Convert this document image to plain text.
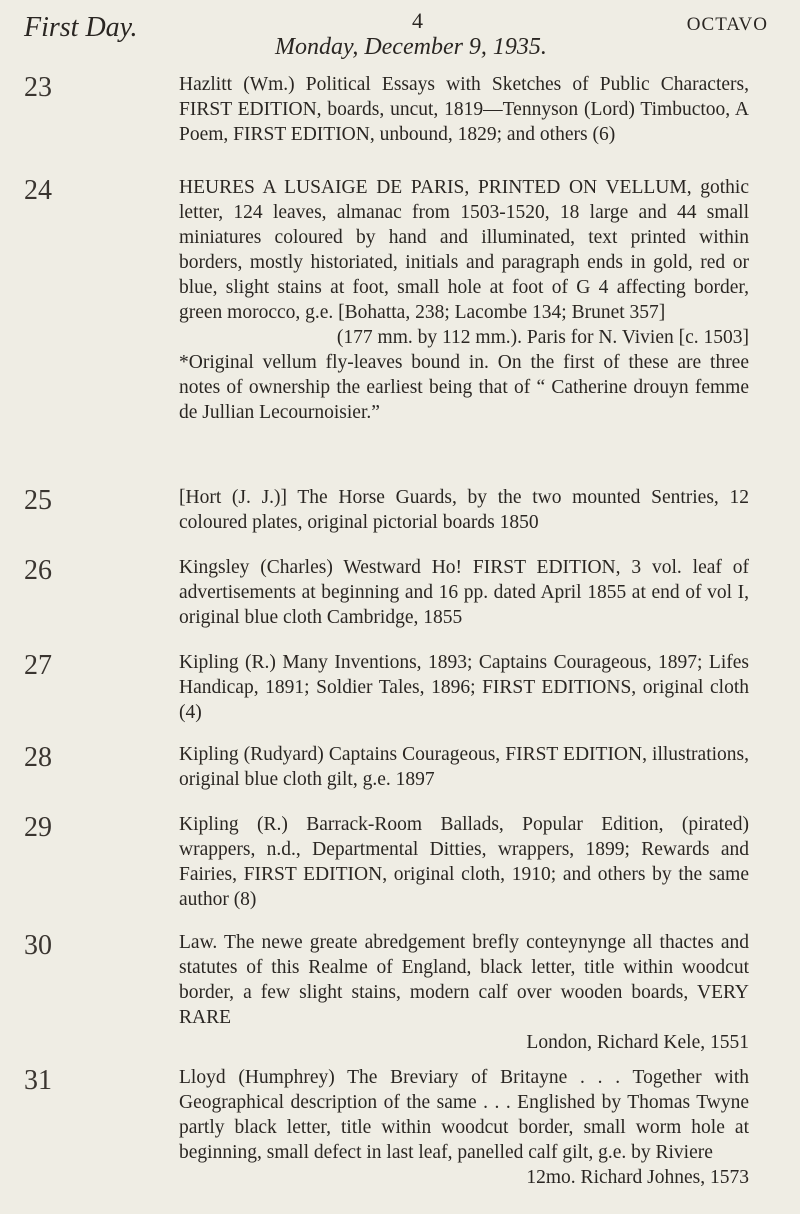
First Day.	4	OCTAVO
Monday, December 9, 1935.
23	Hazlitt (Wm.) Political Essays with Sketches of Public Characters, FIRST EDITION, boards, uncut, 1819—Tennyson (Lord) Timbuctoo, A Poem, FIRST EDITION, unbound, 1829; and others (6)

24	HEURES A LUSAIGE DE PARIS, PRINTED ON VELLUM, gothic letter, 124 leaves, almanac from 1503-1520, 18 large and 44 small miniatures coloured by hand and illuminated, text printed within borders, mostly historiated, initials and paragraph ends in gold, red or blue, slight stains at foot, small hole at foot of G 4 affecting border, green morocco, g.e. [Bohatta, 238; Lacombe 134; Brunet 357]

(177 mm. by 112 mm.). Paris for N. Vivien [c. 1503]

*Original vellum fly-leaves bound in. On the first of these are three notes of ownership the earliest being that of “ Catherine drouyn femme de Jullian Lecournoisier.”

25	[Hort (J. J.)] The Horse Guards, by the two mounted Sentries, 12 coloured plates, original pictorial boards 1850

26	Kingsley (Charles) Westward Ho! FIRST EDITION, 3 vol. leaf of advertisements at beginning and 16 pp. dated April 1855 at end of vol I, original blue cloth Cambridge, 1855

27	Kipling (R.) Many Inventions, 1893; Captains Courageous, 1897; Lifes Handicap, 1891; Soldier Tales, 1896; FIRST EDITIONS, original cloth (4)

28	Kipling (Rudyard) Captains Courageous, FIRST EDITION, illustrations, original blue cloth gilt, g.e. 1897

29	Kipling (R.) Barrack-Room Ballads, Popular Edition, (pirated) wrappers, n.d., Departmental Ditties, wrappers, 1899; Rewards and Fairies, FIRST EDITION, original cloth, 1910; and others by the same author (8)

30	Law. The newe greate abredgement brefly conteynynge all thactes and statutes of this Realme of England, black letter, title within woodcut border, a few slight stains, modern calf over wooden boards, VERY RARE

London, Richard Kele, 1551

31	Lloyd (Humphrey) The Breviary of Britayne . . . Together with Geographical description of the same . . . Englished by Thomas Twyne partly black letter, title within woodcut border, small worm hole at beginning, small defect in last leaf, panelled calf gilt, g.e. by Riviere

12mo. Richard Johnes, 1573
